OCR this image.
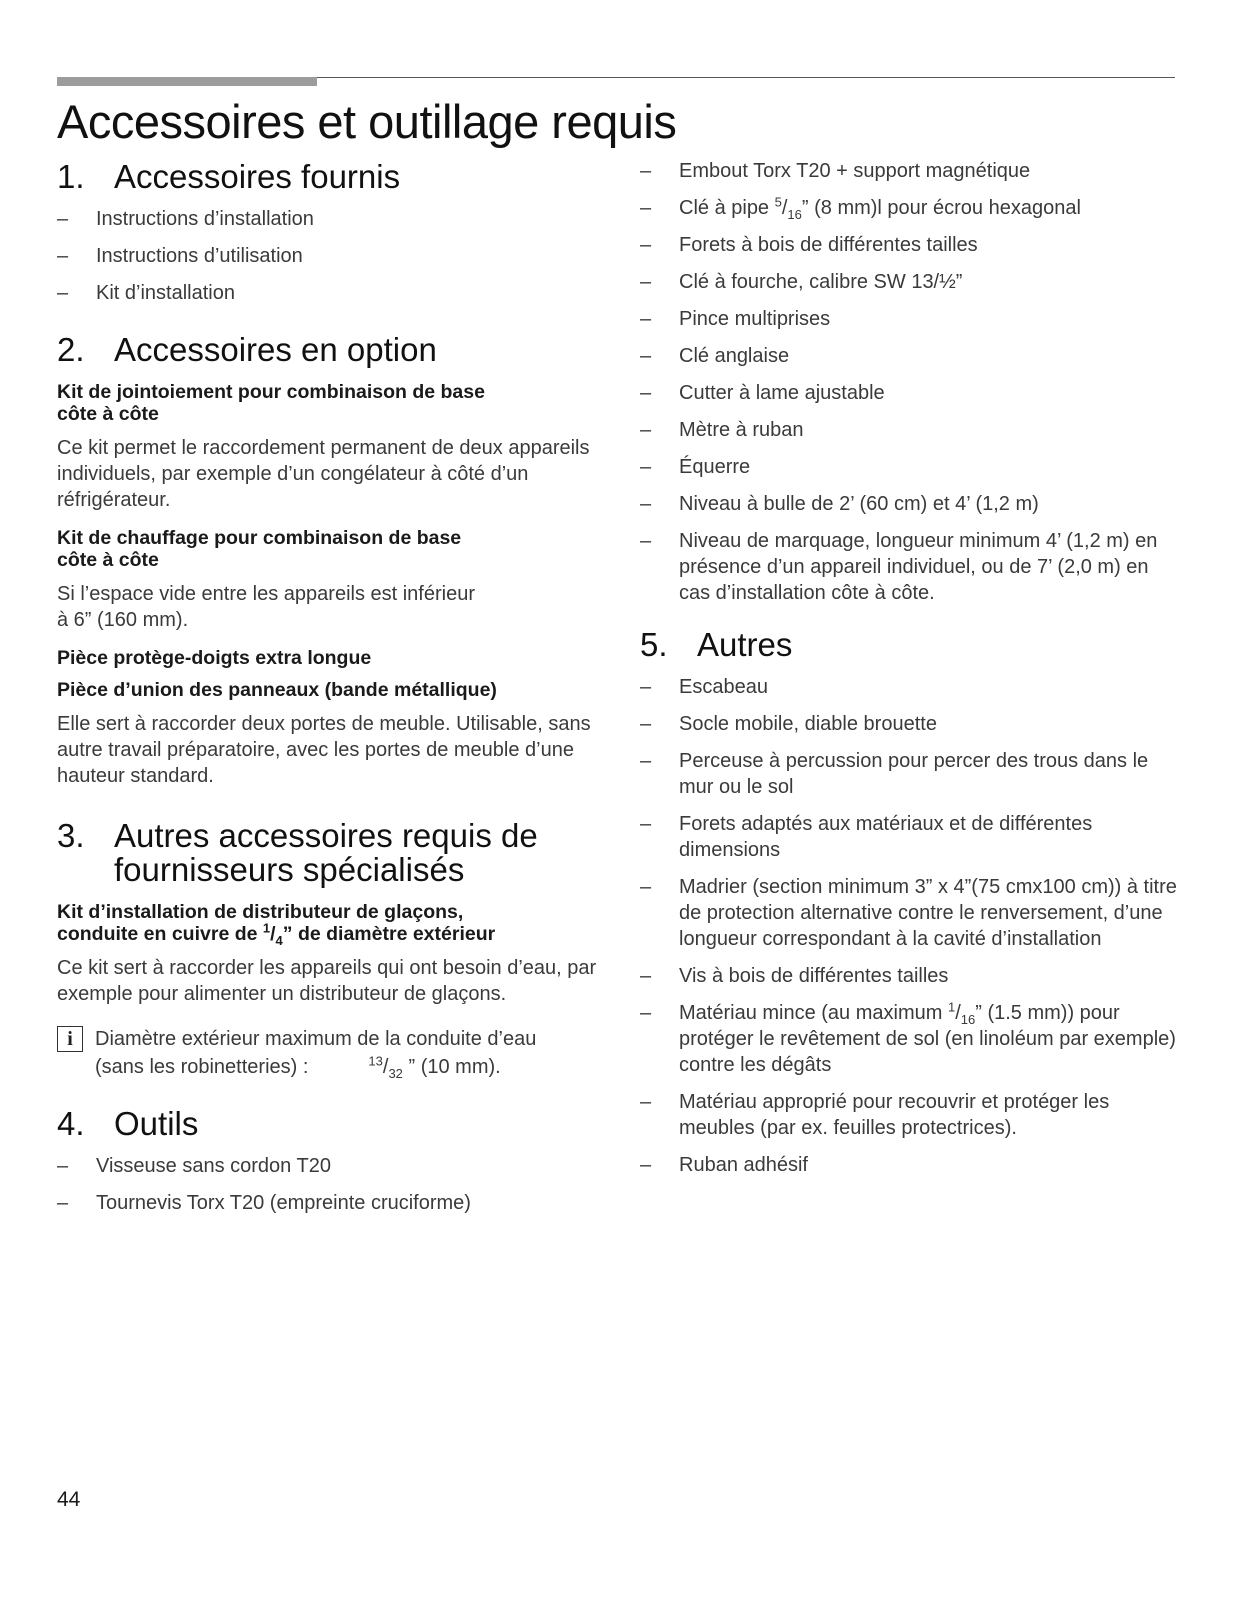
Accessoires et outillage requis
1. Accessoires fournis
–	Instructions d’installation
–	Instructions d’utilisation
–	Kit d’installation
2. Accessoires en option
Kit de jointoiement pour combinaison de base
côte à côte

Ce kit permet le raccordement permanent de deux appareils individuels, par exemple d’un congélateur à côté d’un réfrigérateur.

Kit de chauffage pour combinaison de base
côte à côte

Si l’espace vide entre les appareils est inférieur
à 6” (160 mm).

Pièce protège-doigts extra longue
Pièce d’union des panneaux (bande métallique)

Elle sert à raccorder deux portes de meuble. Utilisable, sans autre travail préparatoire, avec les portes de meuble d’une hauteur standard.

3. Autres accessoires requis de fournisseurs spécialisés
Kit d’installation de distributeur de glaçons,
conduite en cuivre de $^1/_4$” de diamètre extérieur

Ce kit sert à raccorder les appareils qui ont besoin d’eau, par exemple pour alimenter un distributeur de glaçons.

i	Diamètre extérieur maximum de la conduite d’eau
(sans les robinetteries) :	$^{13}/_{32}$ ” (10 mm).
4. Outils
–	Visseuse sans cordon T20
–	Tournevis Torx T20 (empreinte cruciforme)
–	Embout Torx T20 + support magnétique
–	Clé à pipe $^5/_{16}$” (8 mm)l pour écrou hexagonal
–	Forets à bois de différentes tailles
–	Clé à fourche, calibre SW 13/½”
–	Pince multiprises
–	Clé anglaise
–	Cutter à lame ajustable
–	Mètre à ruban
–	Équerre
–	Niveau à bulle de 2’ (60 cm) et 4’ (1,2 m)
–	Niveau de marquage, longueur minimum 4’ (1,2 m) en présence d’un appareil individuel, ou de 7’ (2,0 m) en cas d’installation côte à côte.
5. Autres
–	Escabeau
–	Socle mobile, diable brouette
–	Perceuse à percussion pour percer des trous dans le mur ou le sol
–	Forets adaptés aux matériaux et de différentes dimensions
–	Madrier (section minimum 3” x 4”(75 cmx100 cm)) à titre de protection alternative contre le renversement, d’une longueur correspondant à la cavité d’installation
–	Vis à bois de différentes tailles
–	Matériau mince (au maximum $^1/_{16}$” (1.5 mm)) pour protéger le revêtement de sol (en linoléum par exemple) contre les dégâts
–	Matériau approprié pour recouvrir et protéger les meubles (par ex. feuilles protectrices).
–	Ruban adhésif
44
